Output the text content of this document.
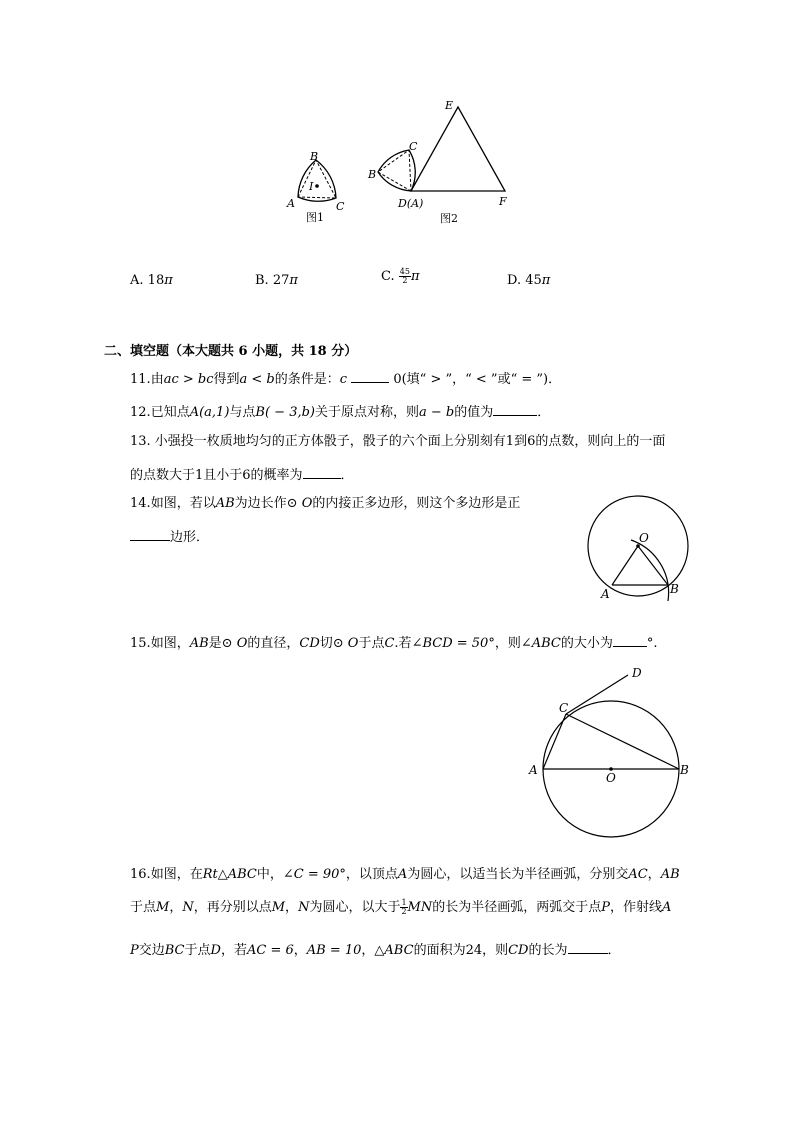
B
I
A	C
图1
E
C
B
D(A)	F
图2
A. 18π	B. 27π	C. $\frac{45}{2}$ π	D. 45π
二、填空题（本大题共 6 小题，共 18 分）
11.由ac > bc得到a < b的条件是：c	0(填“ > ”，“ < ”或“ = ”)．
12.已知点A(a,1)与点B( − 3,b)关于原点对称，则a − b的值为	．
13. 小强投一枚质地均匀的正方体骰子，骰子的六个面上分别刻有1到6的点数，则向上的一面
的点数大于1且小于6的概率为	．
14.如图，若以AB为边长作⊙ O的内接正多边形，则这个多边形是正
边形．	O
A	B
15.如图，AB是⊙ O的直径，CD切⊙ O于点C.若∠BCD = 50°，则∠ABC的大小为	°.
A	B
C
D
O
16.如图，在Rt△ABC中，∠C = 90°，以顶点A为圆心，以适当长为半径画弧，分别交AC，AB
于点M，N，再分别以点M，N为圆心，以大于 $\frac{1}{2}$ MN的长为半径画弧，两弧交于点P，作射线A
P交边BC于点D，若AC = 6，AB = 10，△ABC的面积为24，则CD的长为	．
